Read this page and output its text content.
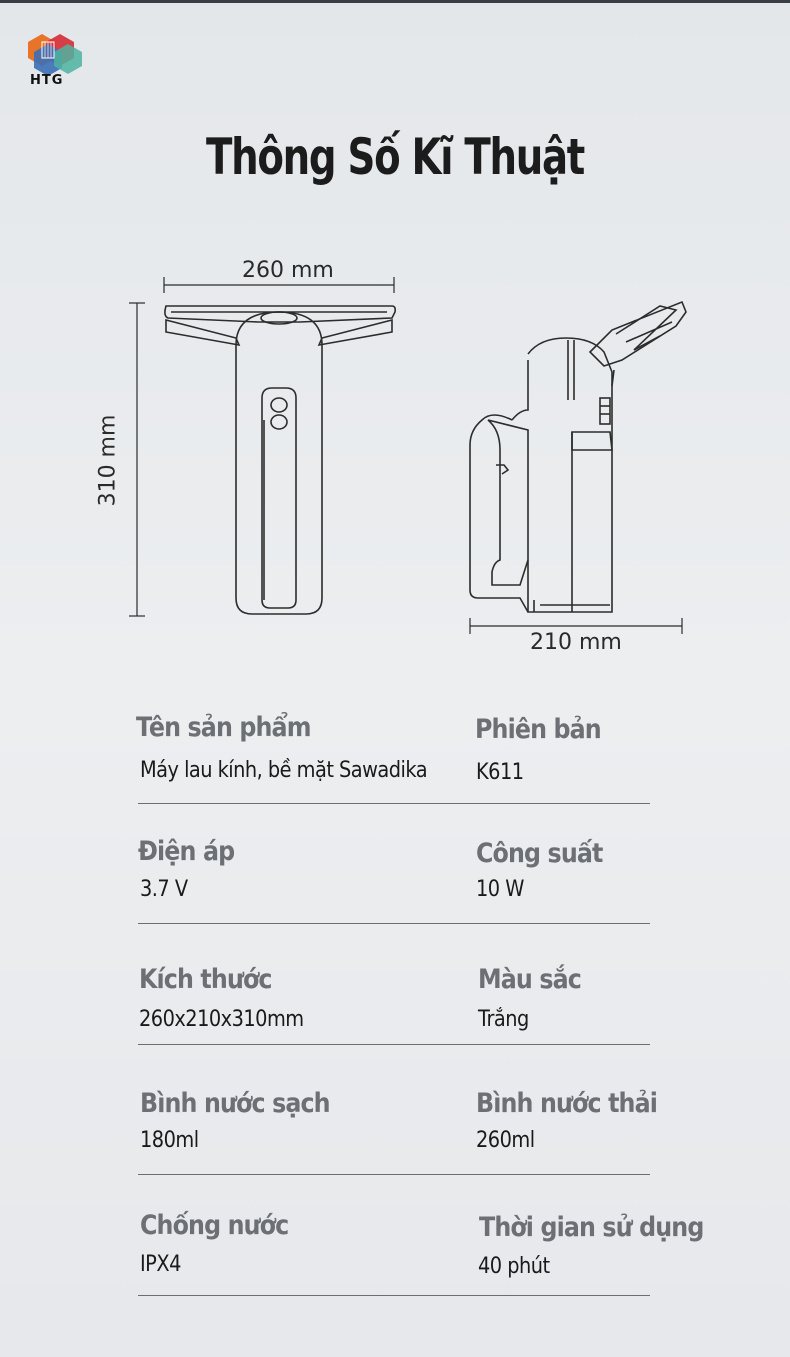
HTG
Thông Số Kĩ Thuật
260 mm
310 mm
210 mm
Tên sản phẩm
Máy lau kính, bề mặt Sawadika
Phiên bản
K611
Điện áp
3.7 V
Công suất
10 W
Kích thước
260x210x310mm
Màu sắc
Trắng
Bình nước sạch
180ml
Bình nước thải
260ml
Chống nước
IPX4
Thời gian sử dụng
40 phút
